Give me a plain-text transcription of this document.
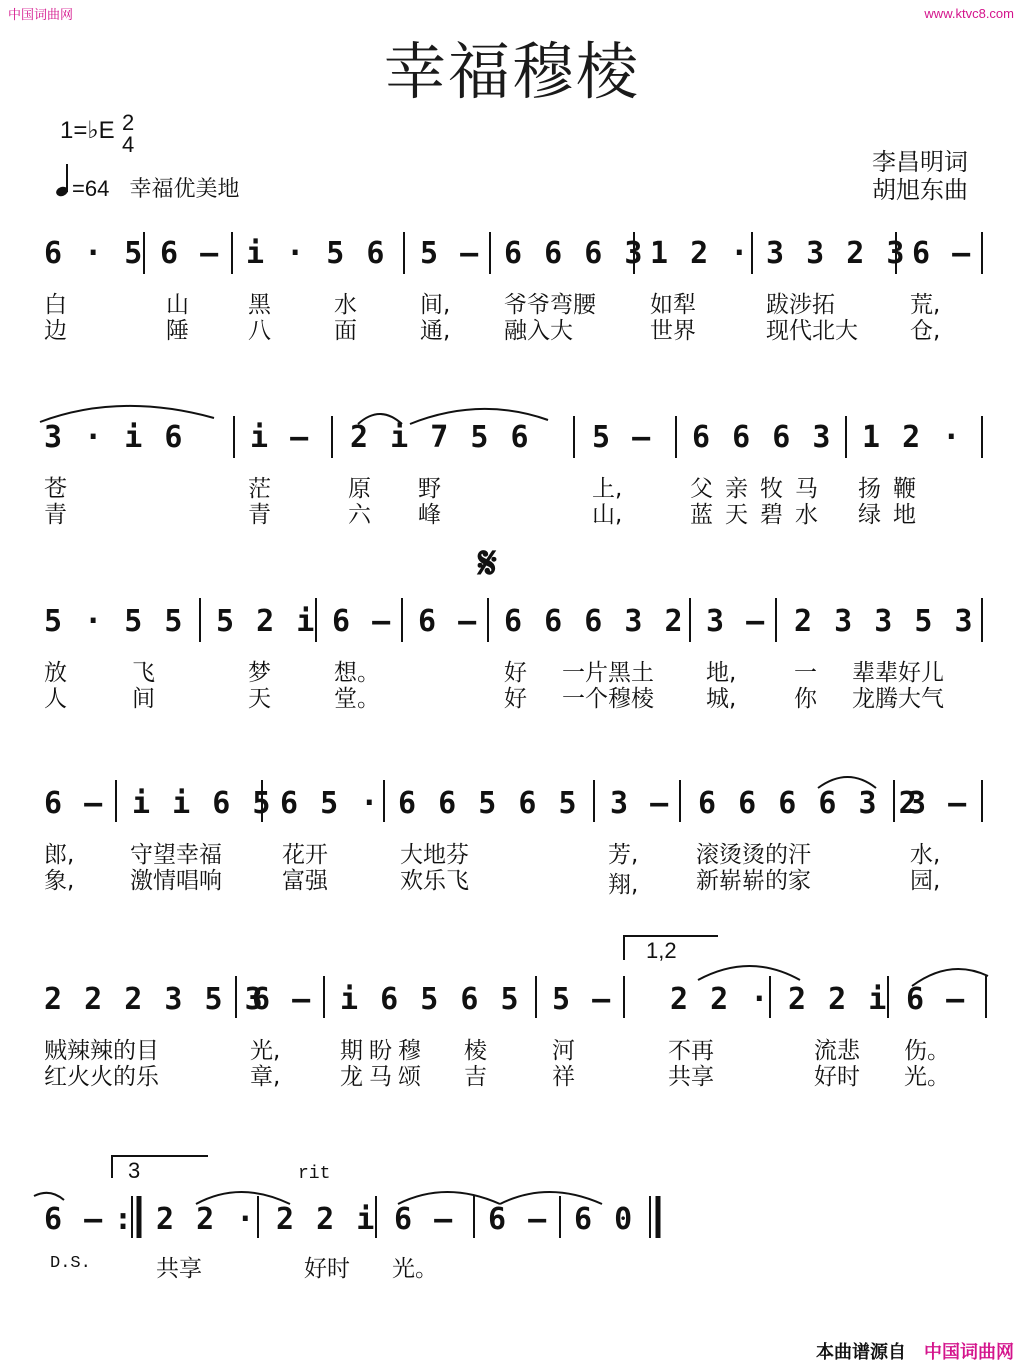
中国词曲网	www.ktvc8.com
幸福穆棱
1=♭E 2
4
=64 幸福优美地
李昌明词
胡旭东曲
𝄋
rit
D.S.
1,2
3
6 · 5 6 – i · 5 6 5 – 6 6 6 3 1 2 · 3 3 2 3 6 –
白	山	黑	水	间, 爷爷弯腰 如犁	跋涉拓	荒,
边	陲	八	面	通, 融入大	世界	现代北大 仓,
3 · i 6 i – 2 i 7 5 6 5 – 6 6 6 3 1 2 ·
苍	茫	原 野	上,	父亲牧马 扬鞭
青	青	六 峰	山,	蓝天碧水 绿地
5 · 5 5 5 2 i 6 – 6 – 6 6 6 3 2 3 – 2 3 3 5 3
放	飞	梦	想。	好 一片黑土 地,	一 辈辈好儿
人	间	天	堂。	好 一个穆棱 城,	你 龙腾大气
6 – i i 6 5 6 5 · 6 6 5 6 5 3 – 6 6 6 6 3 2
3 –
郎, 守望幸福	花开	大地芬	芳,	滚烫烫的汗	水,
象, 激情唱响	富强	欢乐飞	翔,	新崭崭的家	园,
2 2 2 3 5 3
6 – i 6 5 6 5 5 – 2 2 · 2 2 i 6 –
贼辣辣的目	光,	期盼穆 棱	河	不再	流悲 伤。
红火火的乐	章,	龙马颂 吉	祥	共享	好时 光。
6 – : 2 2 · 2 2 i 6 – 6 – 6 0
共享	好时 光。
本曲谱源自 中国词曲网
